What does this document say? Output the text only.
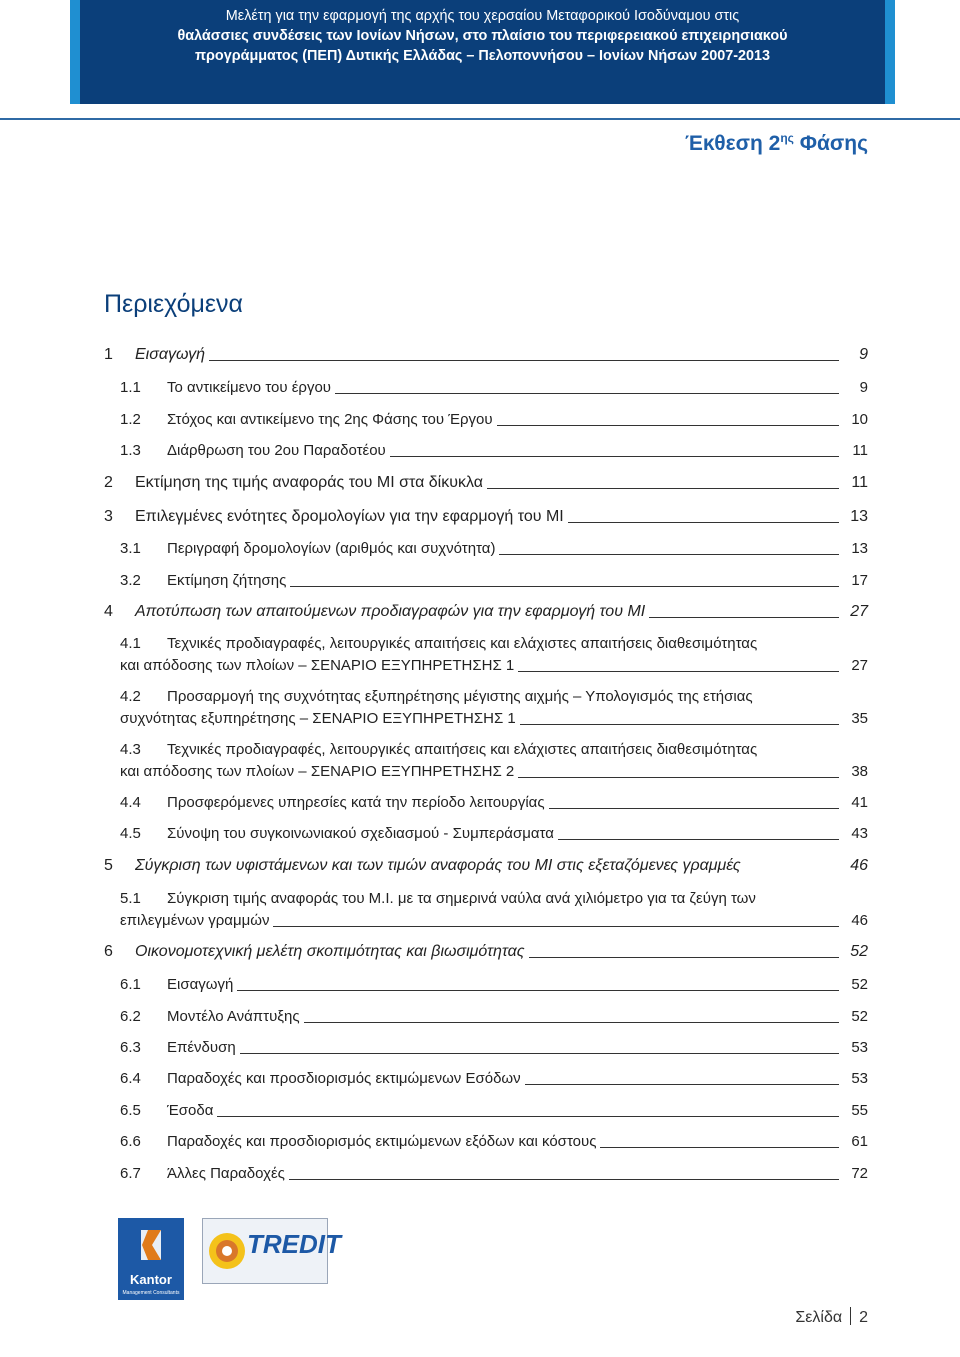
Μελέτη για την εφαρμογή της αρχής του χερσαίου Μεταφορικού Ισοδύναμου στις
θαλάσσιες συνδέσεις των Ιονίων Νήσων, στο πλαίσιο του περιφερειακού επιχειρησιακού
προγράμματος (ΠΕΠ) Δυτικής Ελλάδας – Πελοποννήσου – Ιονίων Νήσων 2007-2013
Έκθεση $2^{\eta\varsigma}$ Φάσης
Περιεχόμενα
1 Εισαγωγή	9
1.1 Το αντικείμενο του έργου	9
1.2 Στόχος και αντικείμενο της 2ης Φάσης του Έργου	10
1.3 Διάρθρωση του 2ου Παραδοτέου	11
2 Εκτίμηση της τιμής αναφοράς του ΜΙ στα δίκυκλα	11
3 Επιλεγμένες ενότητες δρομολογίων για την εφαρμογή του ΜΙ	13
3.1 Περιγραφή δρομολογίων (αριθμός και συχνότητα)	13
3.2 Εκτίμηση ζήτησης	17
4 Αποτύπωση των απαιτούμενων προδιαγραφών για την εφαρμογή του ΜΙ	27
4.1 Τεχνικές προδιαγραφές, λειτουργικές απαιτήσεις και ελάχιστες απαιτήσεις διαθεσιμότητας
και απόδοσης των πλοίων – ΣΕΝΑΡΙΟ ΕΞΥΠΗΡΕΤΗΣΗΣ 1	27
4.2 Προσαρμογή της συχνότητας εξυπηρέτησης μέγιστης αιχμής – Υπολογισμός της ετήσιας
συχνότητας εξυπηρέτησης – ΣΕΝΑΡΙΟ ΕΞΥΠΗΡΕΤΗΣΗΣ 1	35
4.3 Τεχνικές προδιαγραφές, λειτουργικές απαιτήσεις και ελάχιστες απαιτήσεις διαθεσιμότητας
και απόδοσης των πλοίων – ΣΕΝΑΡΙΟ ΕΞΥΠΗΡΕΤΗΣΗΣ 2	38
4.4 Προσφερόμενες υπηρεσίες κατά την περίοδο λειτουργίας	41
4.5 Σύνοψη του συγκοινωνιακού σχεδιασμού - Συμπεράσματα	43
5 Σύγκριση των υφιστάμενων και των τιμών αναφοράς του ΜΙ στις εξεταζόμενες γραμμές	46
5.1 Σύγκριση τιμής αναφοράς του Μ.Ι. με τα σημερινά ναύλα ανά χιλιόμετρο για τα ζεύγη των
επιλεγμένων γραμμών	46
6 Οικονομοτεχνική μελέτη σκοπιμότητας και βιωσιμότητας	52
6.1 Εισαγωγή	52
6.2 Μοντέλο Ανάπτυξης	52
6.3 Επένδυση	53
6.4 Παραδοχές και προσδιορισμός εκτιμώμενων Εσόδων	53
6.5 Έσοδα	55
6.6 Παραδοχές και προσδιορισμός εκτιμώμενων εξόδων και κόστους	61
6.7 Άλλες Παραδοχές	72
Kantor
Management Consultants
TREDIT
Σελίδα 2
